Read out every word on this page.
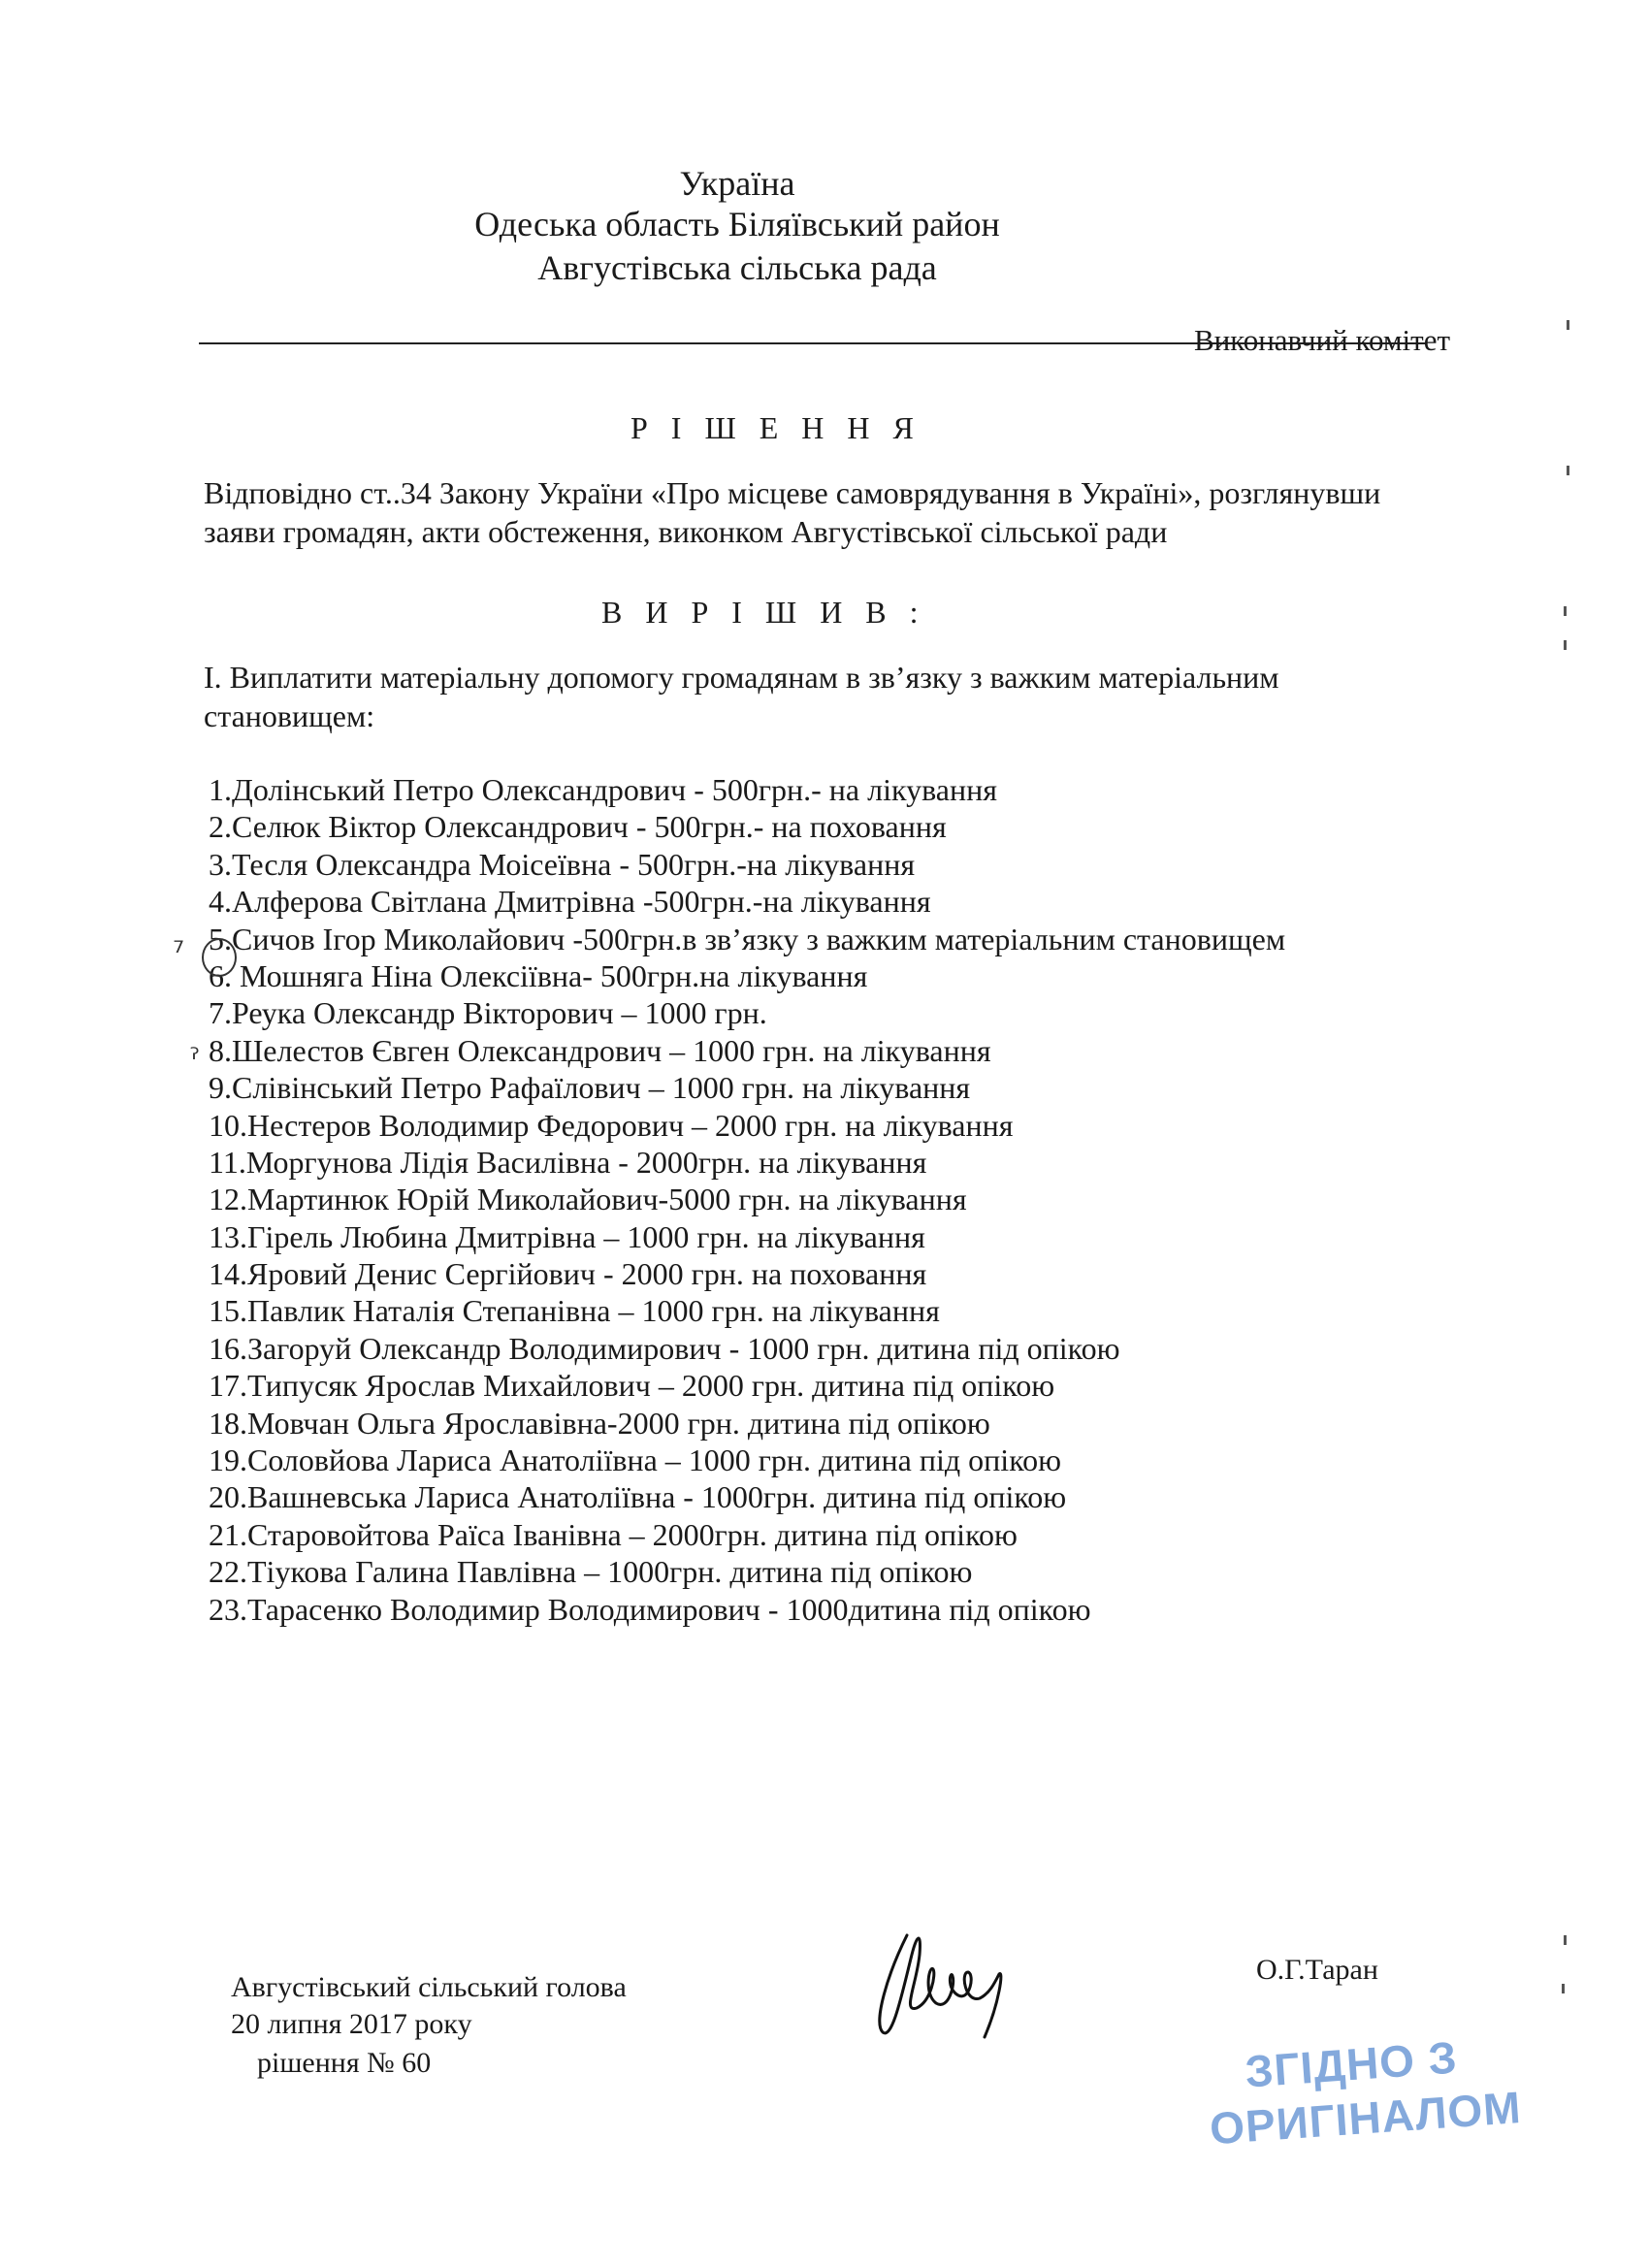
Україна
Одеська область Біляївський район
Августівська сільська рада
Виконавчий комітет
Р І Ш Е Н Н Я
Відповідно ст..34 Закону України «Про місцеве самоврядування в Україні», розглянувши
заяви громадян, акти обстеження, виконком Августівської сільської ради
В И Р І Ш И В :
І. Виплатити матеріальну допомогу громадянам в зв’язку з важким матеріальним
становищем:
1.Долінський Петро Олександрович - 500грн.- на лікування
2.Селюк Віктор Олександрович - 500грн.- на поховання
3.Тесля Олександра Моісеївна - 500грн.-на лікування
4.Алферова Світлана Дмитрівна -500грн.-на лікування
5.Сичов Ігор Миколайович -500грн.в зв’язку з важким матеріальним становищем
6. Мошняга Ніна Олексіївна- 500грн.на лікування
7.Реука Олександр Вікторович – 1000 грн.
8.Шелестов Євген Олександрович – 1000 грн. на лікування
9.Слівінський Петро Рафаїлович – 1000 грн. на лікування
10.Нестеров Володимир Федорович – 2000 грн. на лікування
11.Моргунова Лідія Василівна - 2000грн. на лікування
12.Мартинюк Юрій Миколайович-5000 грн. на лікування
13.Гірель Любина Дмитрівна – 1000 грн. на лікування
14.Яровий Денис Сергійович - 2000 грн. на поховання
15.Павлик Наталія Степанівна – 1000 грн. на лікування
16.Загоруй Олександр Володимирович - 1000 грн. дитина під опікою
17.Типусяк Ярослав Михайлович – 2000 грн. дитина під опікою
18.Мовчан Ольга Ярославівна-2000 грн. дитина під опікою
19.Соловйова Лариса Анатоліївна – 1000 грн. дитина під опікою
20.Вашневська Лариса Анатоліївна - 1000грн. дитина під опікою
21.Старовойтова Раїса Іванівна – 2000грн. дитина під опікою
22.Тіукова Галина Павлівна – 1000грн. дитина під опікою
23.Тарасенко Володимир Володимирович - 1000дитина під опікою
⁷
ˀ
Августівський сільський голова
20 липня 2017 року
рішення № 60
О.Г.Таран
ЗГІДНО З
ОРИГІНАЛОМ
